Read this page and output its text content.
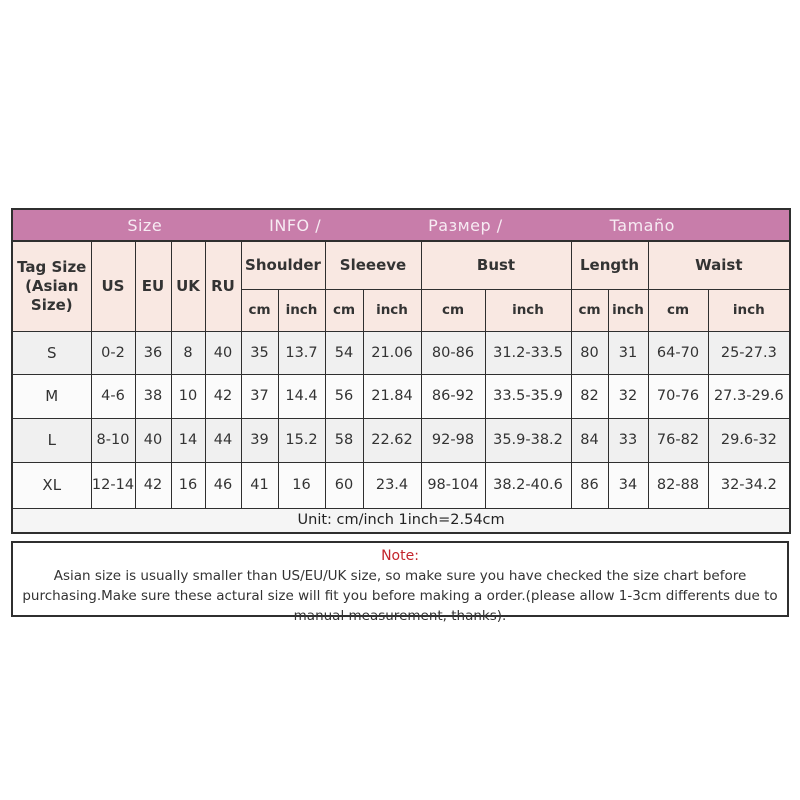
Size INFO / Размер / Tamaño														

Tag Size (Asian Size)	US	EU	UK	RU	Shoulder		Sleeeve		Bust		Length		Waist	
					cm	inch	cm	inch	cm	inch	cm	inch	cm	inch
S	0-2	36	8	40	35	13.7	54	21.06	80-86	31.2-33.5	80	31	64-70	25-27.3
M	4-6	38	10	42	37	14.4	56	21.84	86-92	33.5-35.9	82	32	70-76	27.3-29.6
L	8-10	40	14	44	39	15.2	58	22.62	92-98	35.9-38.2	84	33	76-82	29.6-32
XL	12-14	42	16	46	41	16	60	23.4	98-104	38.2-40.6	86	34	82-88	32-34.2
Unit: cm/inch 1inch=2.54cm														
Note:
Asian size is usually smaller than US/EU/UK size, so make sure you have checked the size chart before purchasing.Make sure these actural size will fit you before making a order.(please allow 1-3cm differents due to manual measurement, thanks).
